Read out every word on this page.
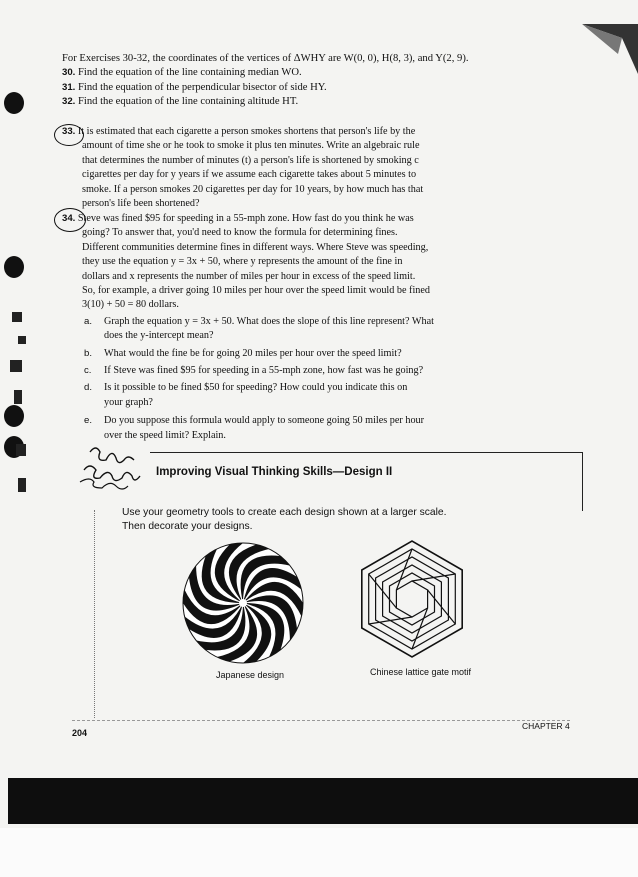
For Exercises 30-32, the coordinates of the vertices of ΔWHY are W(0, 0), H(8, 3), and Y(2, 9).

30. Find the equation of the line containing median WO.

31. Find the equation of the perpendicular bisector of side HY.

32. Find the equation of the line containing altitude HT.

33. It is estimated that each cigarette a person smokes shortens that person's life by the

amount of time she or he took to smoke it plus ten minutes. Write an algebraic rule

that determines the number of minutes (t) a person's life is shortened by smoking c

cigarettes per day for y years if we assume each cigarette takes about 5 minutes to

smoke. If a person smokes 20 cigarettes per day for 10 years, by how much has that

person's life been shortened?

34. Steve was fined $95 for speeding in a 55-mph zone. How fast do you think he was

going? To answer that, you'd need to know the formula for determining fines.

Different communities determine fines in different ways. Where Steve was speeding,

they use the equation y = 3x + 50, where y represents the amount of the fine in

dollars and x represents the number of miles per hour in excess of the speed limit.

So, for example, a driver going 10 miles per hour over the speed limit would be fined

3(10) + 50 = 80 dollars.

a.	Graph the equation y = 3x + 50. What does the slope of this line represent? What
does the y-intercept mean?
b.	What would the fine be for going 20 miles per hour over the speed limit?
c.	If Steve was fined $95 for speeding in a 55-mph zone, how fast was he going?
d.	Is it possible to be fined $50 for speeding? How could you indicate this on
your graph?
e.	Do you suppose this formula would apply to someone going 50 miles per hour
over the speed limit? Explain.
Improving Visual Thinking Skills—Design II
Use your geometry tools to create each design shown at a larger scale.
Then decorate your designs.
Japanese design	Chinese lattice gate motif
204
CHAPTER 4
